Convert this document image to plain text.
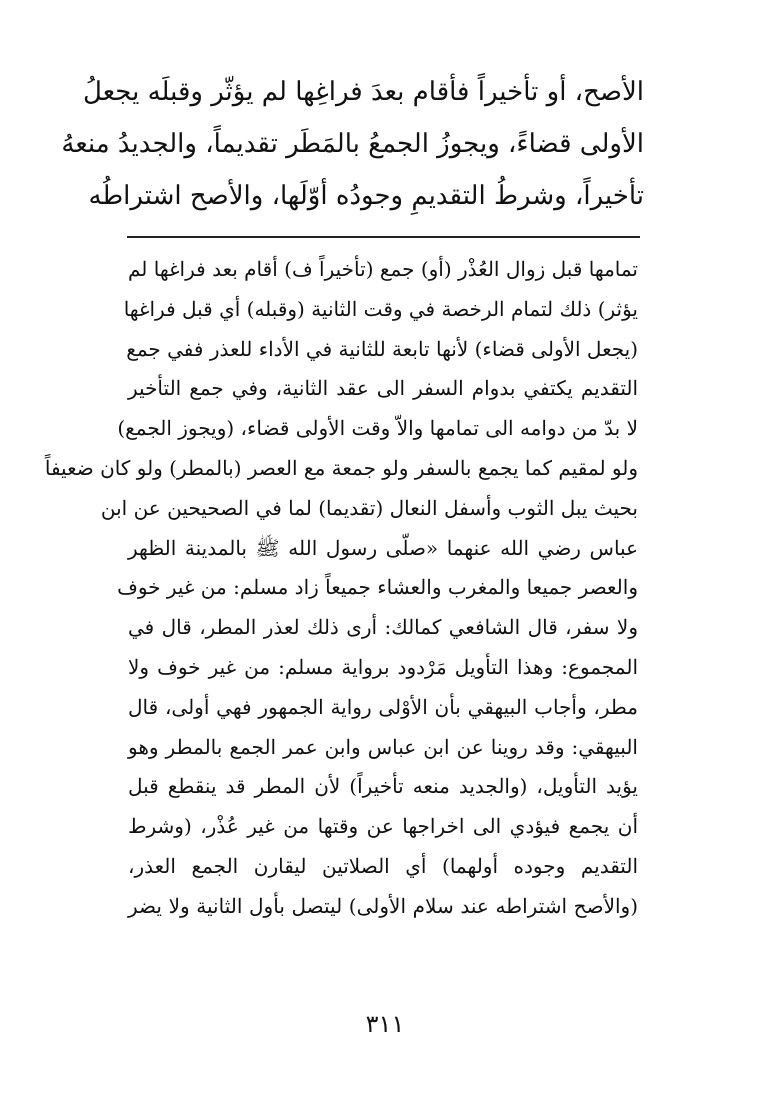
الأصح، أو تأخيراً فأقام بعدَ فراغِها لم يؤثّر وقبلَه يجعلُ
الأولى قضاءً، ويجوزُ الجمعُ بالمَطَر تقديماً، والجديدُ منعهُ
تأخيراً، وشرطُ التقديمِ وجودُه أوّلَها، والأصح اشتراطُه
تمامها قبل زوال العُذْر (أو) جمع (تأخيراً ف) أقام بعد فراغها لم
يؤثر) ذلك لتمام الرخصة في وقت الثانية (وقبله) أي قبل فراغها
(يجعل الأولى قضاء) لأنها تابعة للثانية في الأداء للعذر ففي جمع
التقديم يكتفي بدوام السفر الى عقد الثانية، وفي جمع التأخير
لا بدّ من دوامه الى تمامها والاّ وقت الأولى قضاء، (ويجوز الجمع)
ولو لمقيم كما يجمع بالسفر ولو جمعة مع العصر (بالمطر) ولو كان ضعيفاً
بحيث يبل الثوب وأسفل النعال (تقديما) لما في الصحيحين عن ابن
عباس رضي الله عنهما «صلّى رسول الله ﷺ بالمدينة الظهر
والعصر جميعا والمغرب والعشاء جميعاً زاد مسلم: من غير خوف
ولا سفر، قال الشافعي كمالك: أرى ذلك لعذر المطر، قال في
المجموع: وهذا التأويل مَرْدود برواية مسلم: من غير خوف ولا
مطر، وأجاب البيهقي بأن الأوْلى رواية الجمهور فهي أولى، قال
البيهقي: وقد روينا عن ابن عباس وابن عمر الجمع بالمطر وهو
يؤيد التأويل، (والجديد منعه تأخيراً) لأن المطر قد ينقطع قبل
أن يجمع فيؤدي الى اخراجها عن وقتها من غير عُذْر، (وشرط
التقديم وجوده أولهما) أي الصلاتين ليقارن الجمع العذر،
(والأصح اشتراطه عند سلام الأولى) ليتصل بأول الثانية ولا يضر
٣١١
